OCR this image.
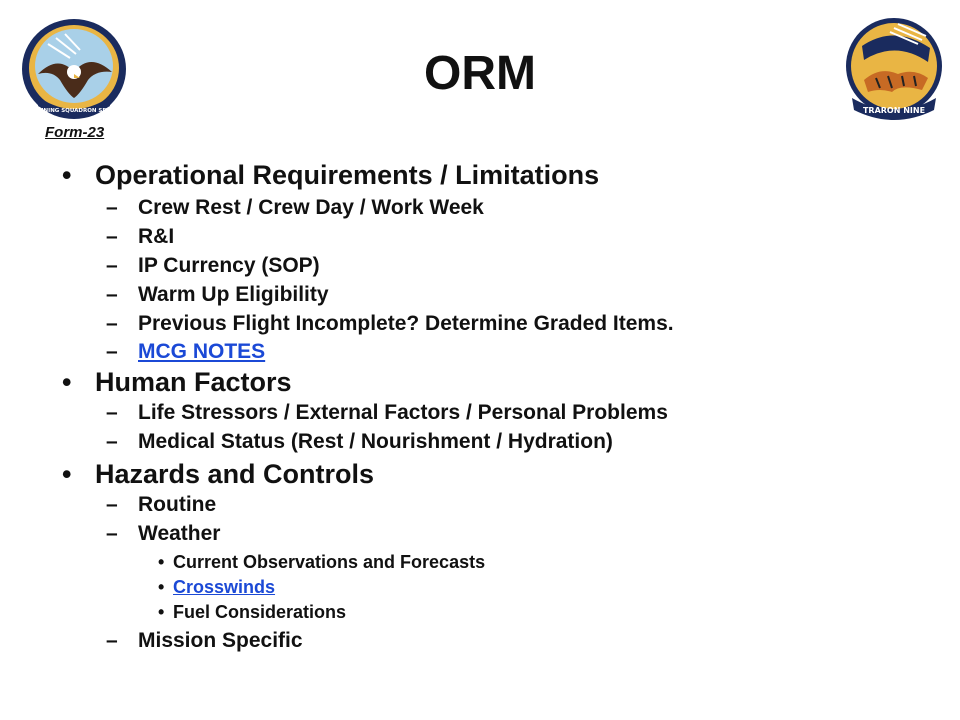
TRAINING SQUADRON SEVEN	TRARON NINE
ORM
Form-23
• Operational Requirements / Limitations
– Crew Rest / Crew Day / Work Week
– R&I
– IP Currency (SOP)
– Warm Up Eligibility
– Previous Flight Incomplete? Determine Graded Items.
– MCG NOTES
• Human Factors
– Life Stressors / External Factors / Personal Problems
– Medical Status (Rest / Nourishment / Hydration)
• Hazards and Controls
– Routine
– Weather
• Current Observations and Forecasts
• Crosswinds
• Fuel Considerations
– Mission Specific
